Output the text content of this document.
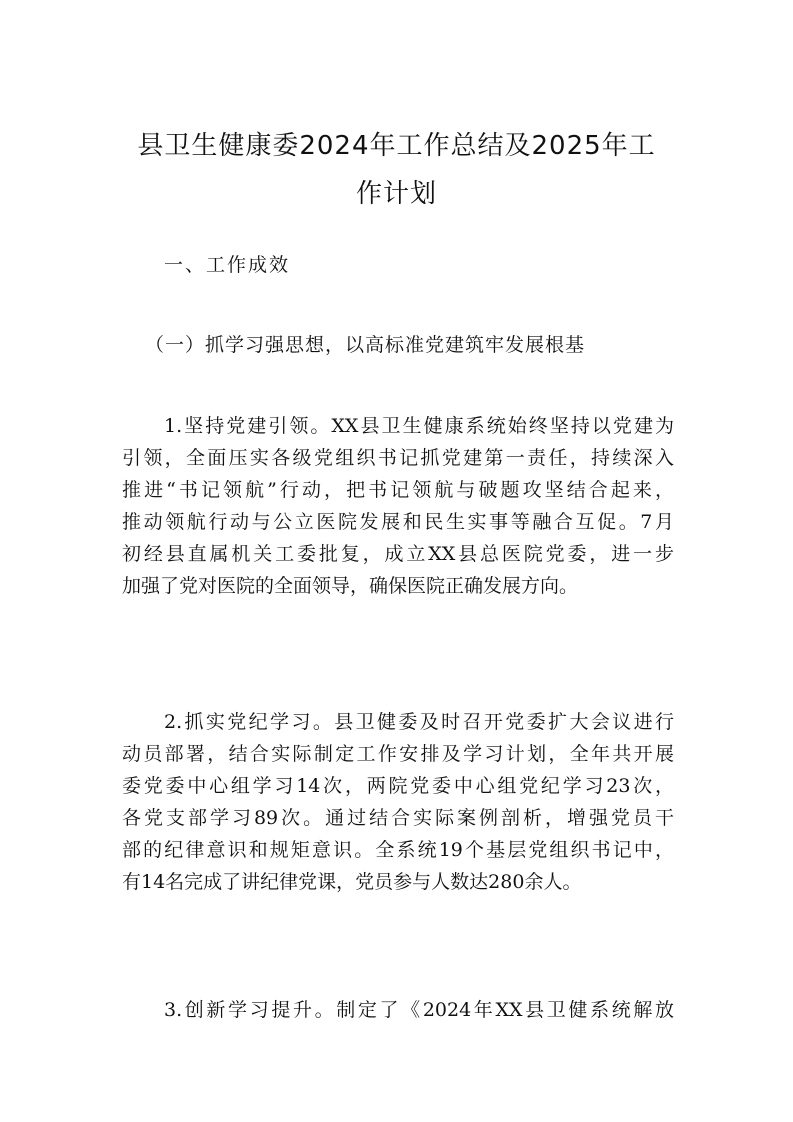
县卫生健康委2024年工作总结及2025年工
作计划

一、工作成效

（一）抓学习强思想，以高标准党建筑牢发展根基

1.坚持党建引领。XX县卫生健康系统始终坚持以党建为
引领，全面压实各级党组织书记抓党建第一责任，持续深入
推进“书记领航”行动，把书记领航与破题攻坚结合起来，
推动领航行动与公立医院发展和民生实事等融合互促。7月
初经县直属机关工委批复，成立XX县总医院党委，进一步
加强了党对医院的全面领导，确保医院正确发展方向。
2.抓实党纪学习。县卫健委及时召开党委扩大会议进行
动员部署，结合实际制定工作安排及学习计划，全年共开展
委党委中心组学习14次，两院党委中心组党纪学习23次，
各党支部学习89次。通过结合实际案例剖析，增强党员干
部的纪律意识和规矩意识。全系统19个基层党组织书记中，
有14名完成了讲纪律党课，党员参与人数达280余人。
3.创新学习提升。制定了《2024年XX县卫健系统解放
